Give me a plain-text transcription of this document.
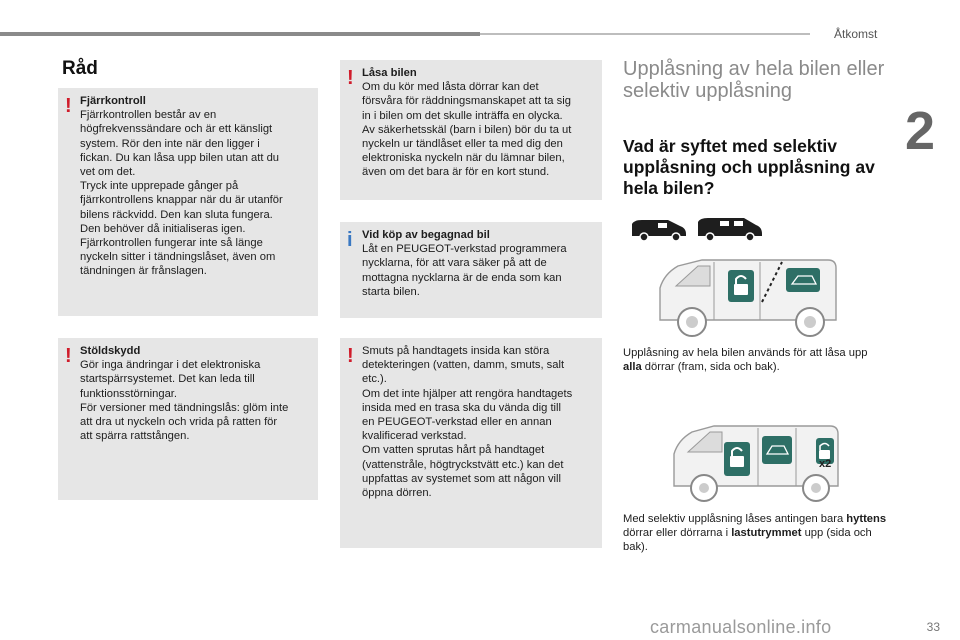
Åtkomst
2
Råd
! Fjärrkontroll
Fjärrkontrollen består av en
högfrekvenssändare och är ett känsligt
system. Rör den inte när den ligger i
fickan. Du kan låsa upp bilen utan att du
vet om det.
Tryck inte upprepade gånger på
fjärrkontrollens knappar när du är utanför
bilens räckvidd. Den kan sluta fungera.
Den behöver då initialiseras igen.
Fjärrkontrollen fungerar inte så länge
nyckeln sitter i tändningslåset, även om
tändningen är frånslagen.
! Stöldskydd
Gör inga ändringar i det elektroniska
startspärrsystemet. Det kan leda till
funktionsstörningar.
För versioner med tändningslås: glöm inte
att dra ut nyckeln och vrida på ratten för
att spärra rattstången.
! Låsa bilen
Om du kör med låsta dörrar kan det
försvåra för räddningsmanskapet att ta sig
in i bilen om det skulle inträffa en olycka.
Av säkerhetsskäl (barn i bilen) bör du ta ut
nyckeln ur tändlåset eller ta med dig den
elektroniska nyckeln när du lämnar bilen,
även om det bara är för en kort stund.
i Vid köp av begagnad bil
Låt en PEUGEOT-verkstad programmera
nycklarna, för att vara säker på att de
mottagna nycklarna är de enda som kan
starta bilen.
! Smuts på handtagets insida kan störa
detekteringen (vatten, damm, smuts, salt
etc.).
Om det inte hjälper att rengöra handtagets
insida med en trasa ska du vända dig till
en PEUGEOT-verkstad eller en annan
kvalificerad verkstad.
Om vatten sprutas hårt på handtaget
(vattenstråle, högtryckstvätt etc.) kan det
uppfattas av systemet som att någon vill
öppna dörren.
Upplåsning av hela bilen eller selektiv upplåsning
Vad är syftet med selektiv upplåsning och upplåsning av hela bilen?
Upplåsning av hela bilen används för att låsa upp alla dörrar (fram, sida och bak).
x2
Med selektiv upplåsning låses antingen bara hyttens dörrar eller dörrarna i lastutrymmet upp (sida och bak).
carmanualsonline.info	33
